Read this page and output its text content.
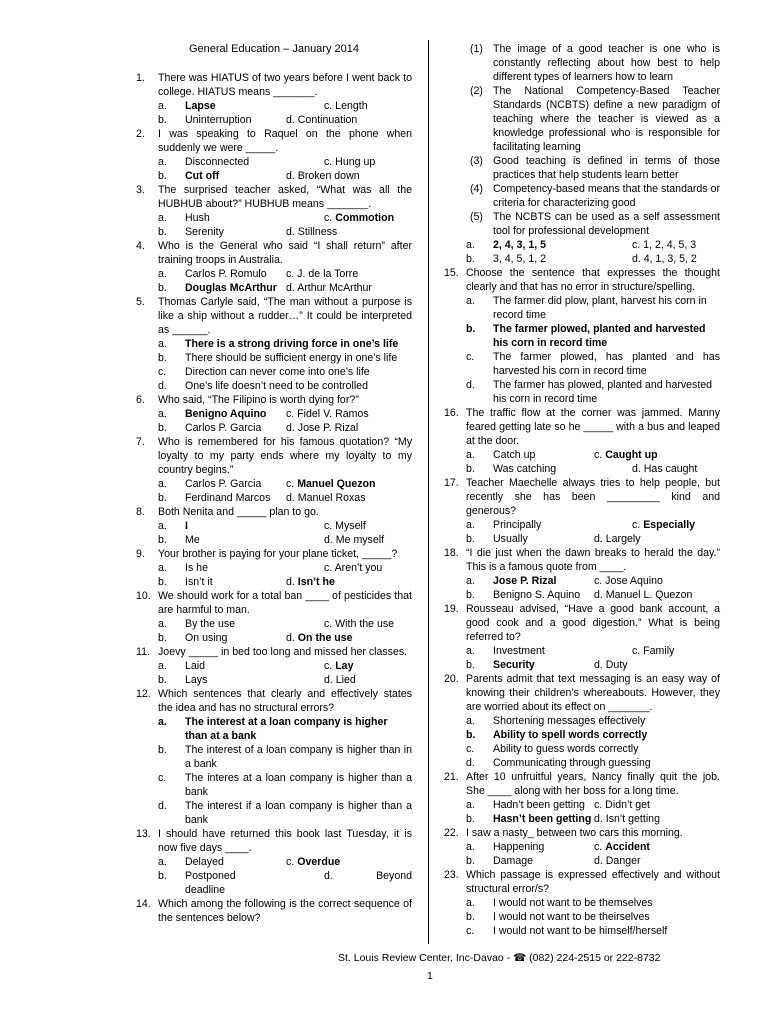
General Education – January 2014

1. There was HIATUS of two years before I went back to college. HIATUS means _______.

a. Lapse	c. Length
b. Uninterruption	d. Continuation

2. I was speaking to Raquel on the phone when suddenly we were _____.

a. Disconnected	c. Hung up
b. Cut off	d. Broken down

3. The surprised teacher asked, “What was all the HUBHUB about?” HUBHUB means _______.

a. Hush	c. Commotion
b. Serenity	d. Stillness

4. Who is the General who said “I shall return” after training troops in Australia.

a. Carlos P. Romulo c. J. de la Torre
b. Douglas McArthur d. Arthur McArthur

5. Thomas Carlyle said, “The man without a purpose is like a ship without a rudder…” It could be interpreted as ______.

a. There is a strong driving force in one’s life

b. There should be sufficient energy in one’s life

c. Direction can never come into one’s life

d. One’s life doesn’t need to be controlled

6. Who said, “The Filipino is worth dying for?”

a. Benigno Aquino c. Fidel V. Ramos
b. Carlos P. Garcia d. Jose P. Rizal

7. Who is remembered for his famous quotation? “My loyalty to my party ends where my loyalty to my country begins.”

a. Carlos P. Garcia c. Manuel Quezon
b. Ferdinand Marcos d. Manuel Roxas

8. Both Nenita and _____ plan to go.

a. I	c. Myself
b. Me	d. Me myself

9. Your brother is paying for your plane ticket, _____?

a. Is he	c. Aren’t you
b. Isn’t it	d. Isn’t he

10. We should work for a total ban ____ of pesticides that are harmful to man.

a. By the use	c. With the use
b. On using	d. On the use

11. Joevy _____ in bed too long and missed her classes.

a. Laid	c. Lay
b. Lays	d. Lied

12. Which sentences that clearly and effectively states the idea and has no structural errors?

a. The interest at a loan company is higher than at a bank

b. The interest of a loan company is higher than in a bank

c. The interes at a loan company is higher than a bank

d. The interest if a loan company is higher than a bank

13. I should have returned this book last Tuesday, it is now five days ____.

a. Delayed	c. Overdue
b. Postponed	d.	Beyond
deadline

14. Which among the following is the correct sequence of the sentences below?

(1) The image of a good teacher is one who is constantly reflecting about how best to help different types of learners how to learn

(2) The National Competency-Based Teacher Standards (NCBTS) define a new paradigm of teaching where the teacher is viewed as a knowledge professional who is responsible for facilitating learning

(3) Good teaching is defined in terms of those practices that help students learn better

(4) Competency-based means that the standards or criteria for characterizing good

(5) The NCBTS can be used as a self assessment tool for professional development

a. 2, 4, 3, 1, 5	c. 1, 2, 4, 5, 3
b. 3, 4, 5, 1, 2	d. 4, 1, 3, 5, 2

15. Choose the sentence that expresses the thought clearly and that has no error in structure/spelling.

a. The farmer did plow, plant, harvest his corn in record time

b. The farmer plowed, planted and harvested his corn in record time

c. The farmer plowed, has planted and has harvested his corn in record time

d. The farmer has plowed, planted and harvested his corn in record time

16. The traffic flow at the corner was jammed. Manny feared getting late so he _____ with a bus and leaped at the door.

a. Catch up	c. Caught up
b. Was catching	d. Has caught

17. Teacher Maechelle always tries to help people, but recently she has been _________ kind and generous?

a. Principally	c. Especially
b. Usually	d. Largely

18. “I die just when the dawn breaks to herald the day.” This is a famous quote from ____.

a. Jose P. Rizal	c. Jose Aquino
b. Benigno S. Aquino d. Manuel L. Quezon

19. Rousseau advised, “Have a good bank account, a good cook and a good digestion.” What is being referred to?

a. Investment	c. Family
b. Security	d. Duty

20. Parents admit that text messaging is an easy way of knowing their children’s whereabouts. However, they are worried about its effect on _______.

a. Shortening messages effectively

b. Ability to spell words correctly

c. Ability to guess words correctly

d. Communicating through guessing

21. After 10 unfruitful years, Nancy finally quit the job. She ____ along with her boss for a long time.

a. Hadn’t been getting c. Didn’t get
b. Hasn’t been getting d. Isn’t getting

22. I saw a nasty_ between two cars this morning.

a. Happening	c. Accident
b. Damage	d. Danger

23. Which passage is expressed effectively and without structural error/s?

a. I would not want to be themselves

b. I would not want to be theirselves

c. I would not want to be himself/herself

St. Louis Review Center, Inc-Davao - ☎ (082) 224-2515 or 222-8732
1
